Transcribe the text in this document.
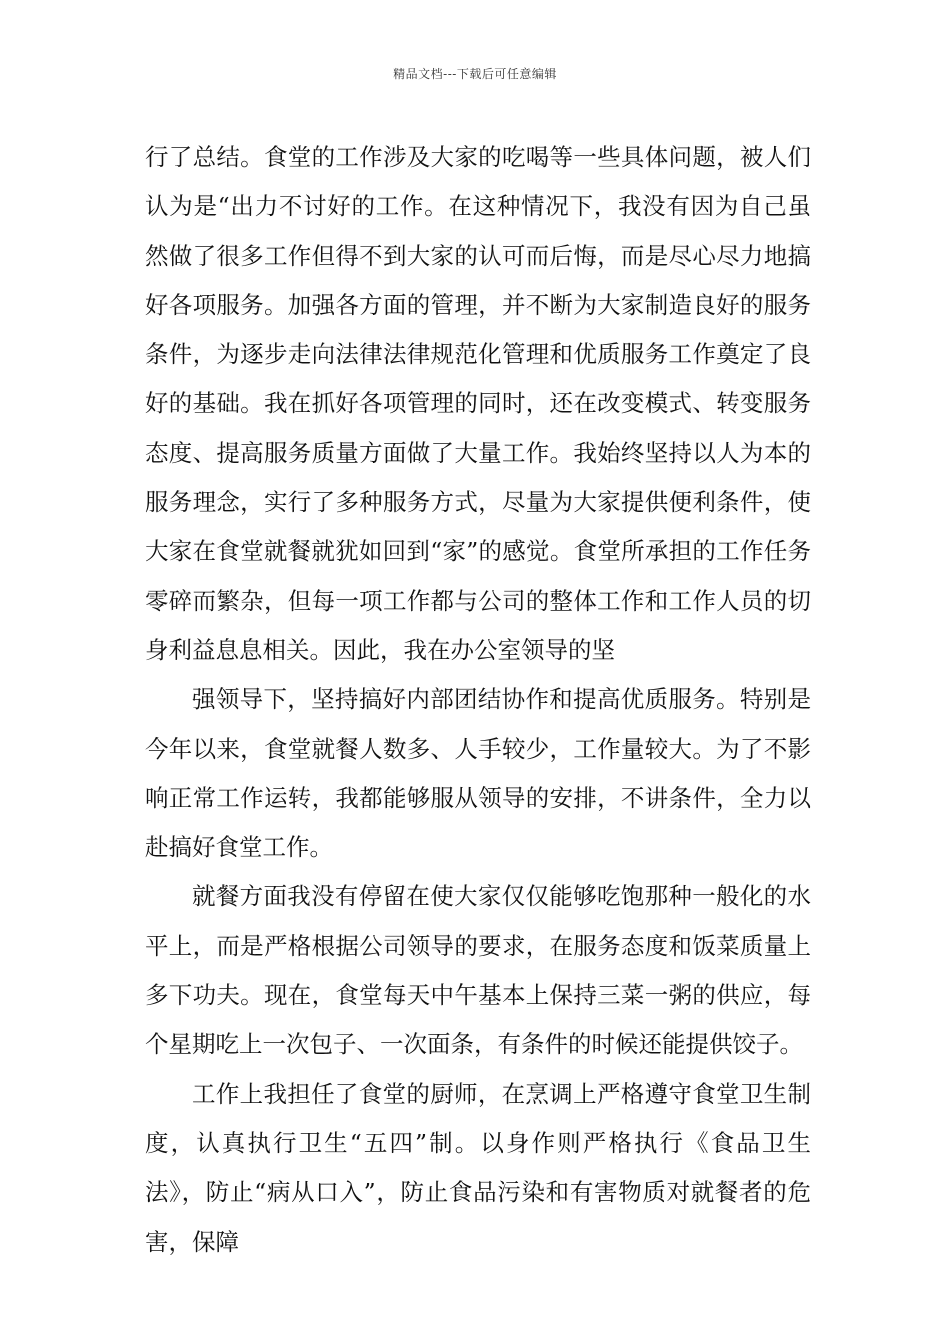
精品文档---下载后可任意编辑

行了总结。食堂的工作涉及大家的吃喝等一些具体问题，被人们认为是“出力不讨好的工作。在这种情况下，我没有因为自己虽然做了很多工作但得不到大家的认可而后悔，而是尽心尽力地搞好各项服务。加强各方面的管理，并不断为大家制造良好的服务条件，为逐步走向法律法律规范化管理和优质服务工作奠定了良好的基础。我在抓好各项管理的同时，还在改变模式、转变服务态度、提高服务质量方面做了大量工作。我始终坚持以人为本的服务理念，实行了多种服务方式，尽量为大家提供便利条件，使大家在食堂就餐就犹如回到“家”的感觉。食堂所承担的工作任务零碎而繁杂，但每一项工作都与公司的整体工作和工作人员的切身利益息息相关。因此，我在办公室领导的坚

强领导下，坚持搞好内部团结协作和提高优质服务。特别是今年以来，食堂就餐人数多、人手较少，工作量较大。为了不影响正常工作运转，我都能够服从领导的安排，不讲条件，全力以赴搞好食堂工作。

就餐方面我没有停留在使大家仅仅能够吃饱那种一般化的水平上，而是严格根据公司领导的要求，在服务态度和饭菜质量上多下功夫。现在，食堂每天中午基本上保持三菜一粥的供应，每个星期吃上一次包子、一次面条，有条件的时候还能提供饺子。

工作上我担任了食堂的厨师，在烹调上严格遵守食堂卫生制度，认真执行卫生“五四”制。以身作则严格执行《食品卫生法》，防止“病从口入”，防止食品污染和有害物质对就餐者的危害，保障
